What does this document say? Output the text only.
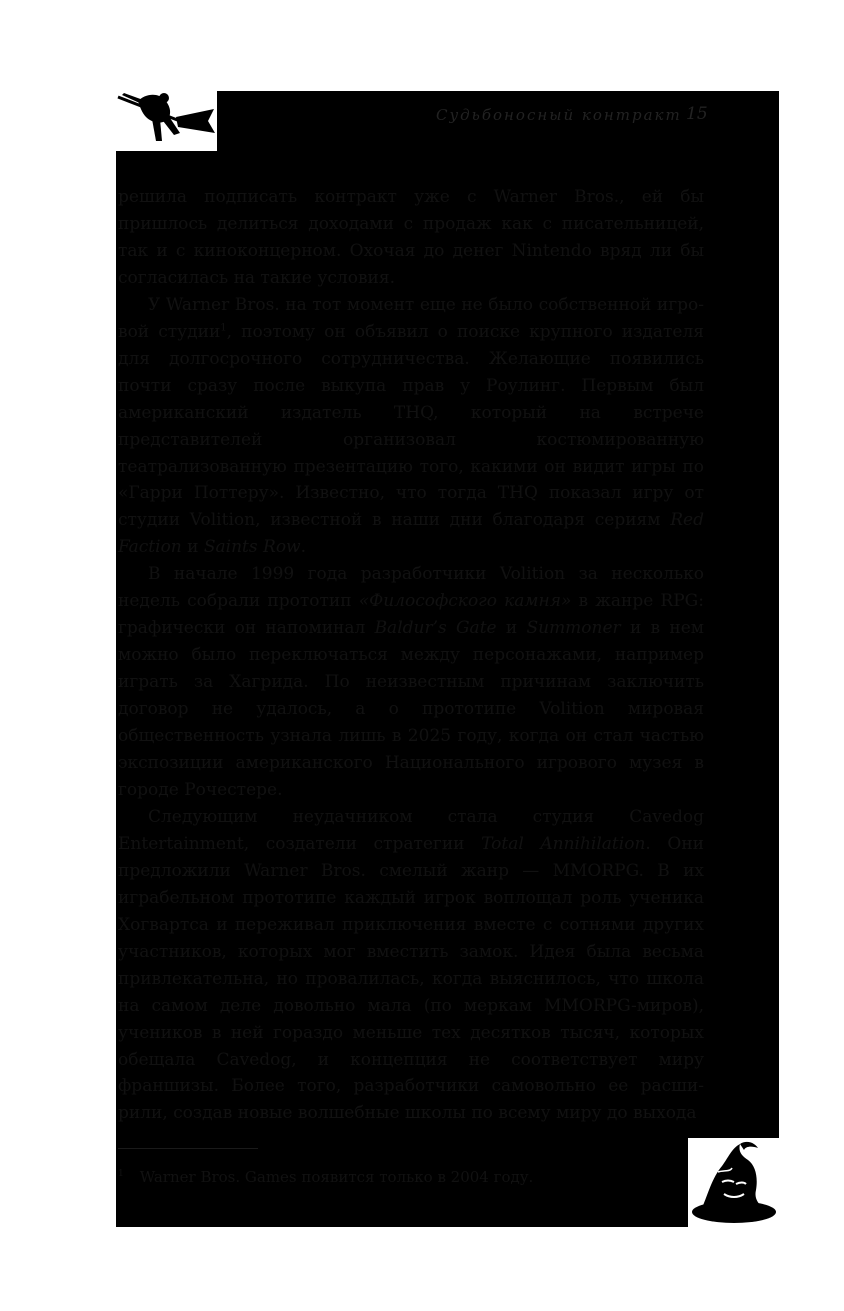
Судьбоносный контракт 15

решила подписать контракт уже с Warner Bros., ей бы пришлось делиться доходами с продаж как с писательницей, так и с киноконцерном. Охочая до денег Nintendo вряд ли бы согласилась на такие условия.

У Warner Bros. на тот момент еще не было собственной игровой студии$^1$, поэтому он объявил о поиске крупного издателя для долгосрочного сотрудничества. Желающие появились почти сразу после выкупа прав у Роулинг. Первым был американский издатель THQ, который на встрече представителей организовал костюмированную театрализованную презентацию того, какими он видит игры по «Гарри Поттеру». Известно, что тогда THQ показал игру от студии Volition, известной в наши дни благодаря сериям Red Faction и Saints Row.

В начале 1999 года разработчики Volition за несколько недель собрали прототип «Философского камня» в жанре RPG: графически он напоминал Baldur’s Gate и Summoner и в нем можно было переключаться между персонажами, например играть за Хагрида. По неизвестным причинам заключить договор не удалось, а о прототипе Volition мировая общественность узнала лишь в 2025 году, когда он стал частью экспозиции американского Национального игрового музея в городе Рочестере.

Следующим неудачником стала студия Cavedog Entertainment, создатели стратегии Total Annihilation. Они предложили Warner Bros. смелый жанр — MMORPG. В их играбельном прототипе каждый игрок воплощал роль ученика Хогвартса и переживал приключения вместе с сотнями других участников, которых мог вместить замок. Идея была весьма привлекательна, но провалилась, когда выяснилось, что школа на самом деле довольно мала (по меркам MMORPG-миров), учеников в ней гораздо меньше тех десятков тысяч, которых обещала Cavedog, и концепция не соответствует миру франшизы. Более того, разработчики самовольно ее расширили, создав новые волшебные школы по всему миру до выхода

$^1$ Warner Bros. Games появится только в 2004 году.
